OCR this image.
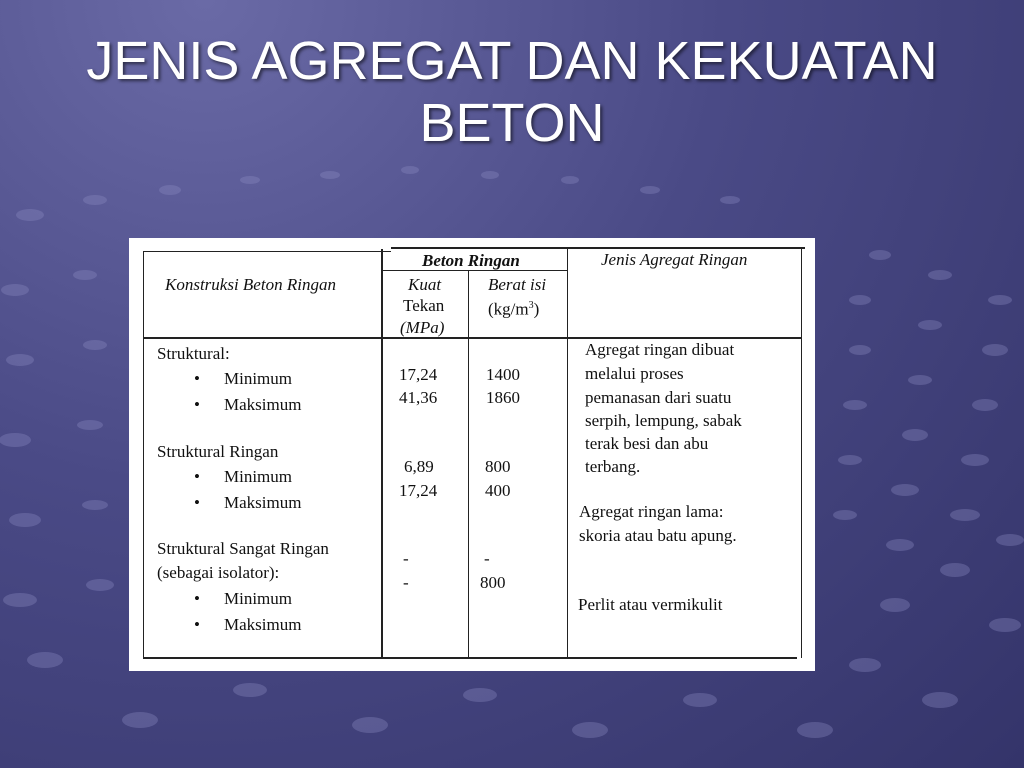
JENIS AGREGAT DAN KEKUATAN
BETON
Konstruksi Beton Ringan
Beton Ringan
Kuat
Tekan
(MPa)
Berat isi
$(kg/m^3)$
Jenis Agregat Ringan
Struktural:
• Minimum
• Maksimum
17,24
41,36
1400
1860
Struktural Ringan
• Minimum
• Maksimum
6,89
17,24
800
400
Struktural Sangat Ringan
(sebagai isolator):
• Minimum
• Maksimum
-
-
-
800
Agregat ringan dibuat
melalui proses
pemanasan dari suatu
serpih, lempung, sabak
terak besi dan abu
terbang.
Agregat ringan lama:
skoria atau batu apung.
Perlit atau vermikulit
